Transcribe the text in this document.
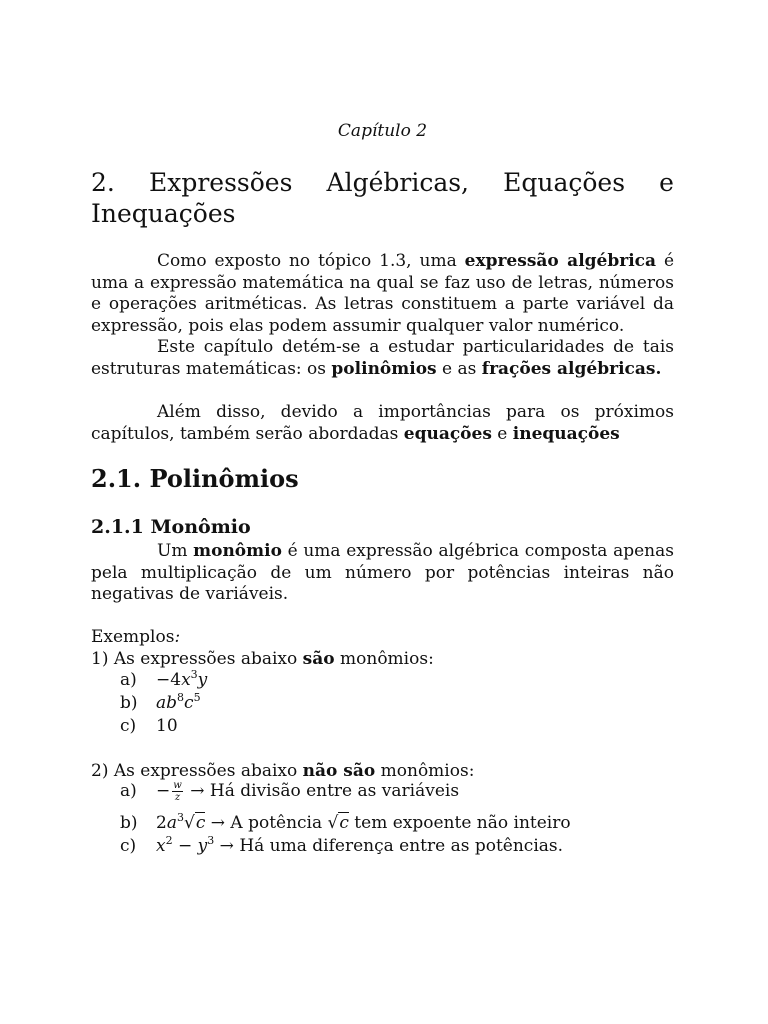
Capítulo 2
2. Expressões Algébricas, Equações e
Inequações

Como exposto no tópico 1.3, uma expressão algébrica é uma a expressão matemática na qual se faz uso de letras, números e operações aritméticas. As letras constituem a parte variável da expressão, pois elas podem assumir qualquer valor numérico.

Este capítulo detém-se a estudar particularidades de tais estruturas matemáticas: os polinômios e as frações algébricas.

Além disso, devido a importâncias para os próximos capítulos, também serão abordadas equações e inequações

2.1. Polinômios
2.1.1 Monômio

Um monômio é uma expressão algébrica composta apenas pela multiplicação de um número por potências inteiras não negativas de variáveis.

Exemplos:
1) As expressões abaixo são monômios:
$a) -4x^3y$
b) $ab^8c^5$
c) 10
2) As expressões abaixo não são monômios:
$a) - \frac{w}{z}$ → Há divisão entre as variáveis
b) $2a^3√c \to A$ potência √c tem expoente não inteiro
c) $x^2 - y^3$ → Há uma diferença entre as potências.
